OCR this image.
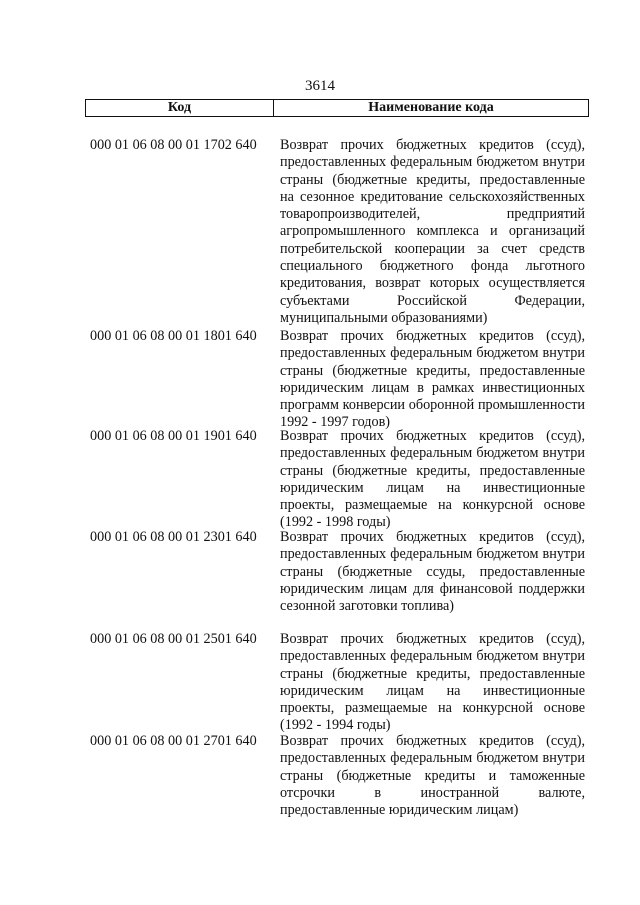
3614
Код	Наименование кода
000 01 06 08 00 01 1702 640	Возврат прочих бюджетных кредитов (ссуд), предоставленных федеральным бюджетом внутри страны (бюджетные кредиты, предоставленные на сезонное кредитование сельскохозяйственных товаропроизводителей, предприятий агропромышленного комплекса и организаций потребительской кооперации за счет средств специального бюджетного фонда льготного кредитования, возврат которых осуществляется субъектами Российской Федерации, муниципальными образованиями)
000 01 06 08 00 01 1801 640	Возврат прочих бюджетных кредитов (ссуд), предоставленных федеральным бюджетом внутри страны (бюджетные кредиты, предоставленные юридическим лицам в рамках инвестиционных программ конверсии оборонной промышленности 1992 - 1997 годов)
000 01 06 08 00 01 1901 640	Возврат прочих бюджетных кредитов (ссуд), предоставленных федеральным бюджетом внутри страны (бюджетные кредиты, предоставленные юридическим лицам на инвестиционные проекты, размещаемые на конкурсной основе (1992 - 1998 годы)
000 01 06 08 00 01 2301 640	Возврат прочих бюджетных кредитов (ссуд), предоставленных федеральным бюджетом внутри страны (бюджетные ссуды, предоставленные юридическим лицам для финансовой поддержки сезонной заготовки топлива)
000 01 06 08 00 01 2501 640	Возврат прочих бюджетных кредитов (ссуд), предоставленных федеральным бюджетом внутри страны (бюджетные кредиты, предоставленные юридическим лицам на инвестиционные проекты, размещаемые на конкурсной основе (1992 - 1994 годы)
000 01 06 08 00 01 2701 640	Возврат прочих бюджетных кредитов (ссуд), предоставленных федеральным бюджетом внутри страны (бюджетные кредиты и таможенные отсрочки в иностранной валюте, предоставленные юридическим лицам)
